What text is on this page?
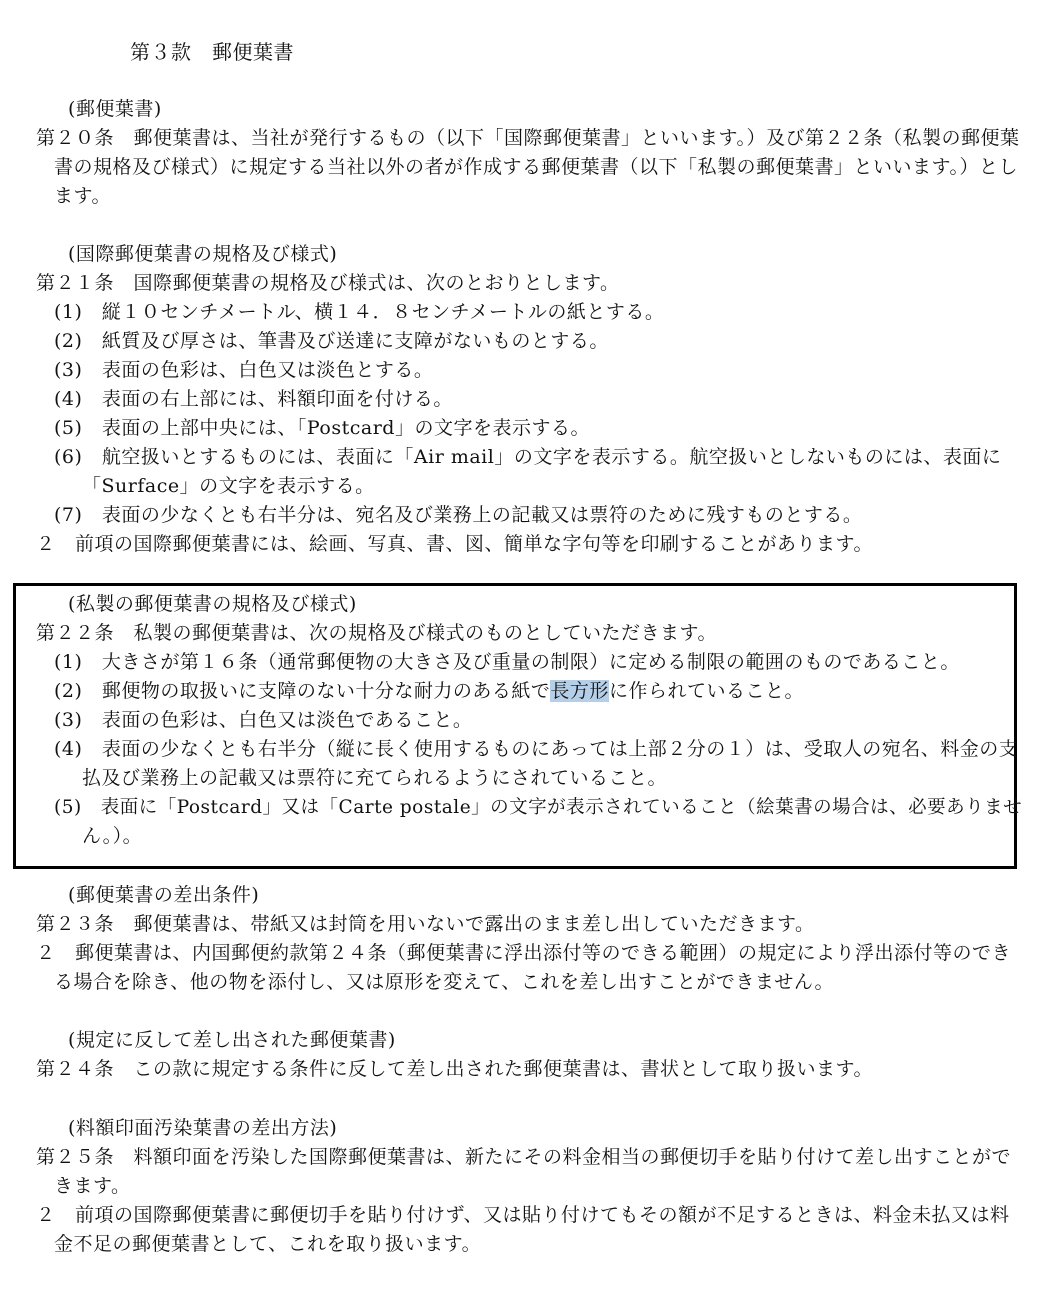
第３款　郵便葉書
(郵便葉書)
第２０条　郵便葉書は、当社が発行するもの（以下「国際郵便葉書」といいます。）及び第２２条（私製の郵便葉
書の規格及び様式）に規定する当社以外の者が作成する郵便葉書（以下「私製の郵便葉書」といいます。）とし
ます。
(国際郵便葉書の規格及び様式)
第２１条　国際郵便葉書の規格及び様式は、次のとおりとします。
(1)　縦１０センチメートル、横１４．８センチメートルの紙とする。
(2)　紙質及び厚さは、筆書及び送達に支障がないものとする。
(3)　表面の色彩は、白色又は淡色とする。
(4)　表面の右上部には、料額印面を付ける。
(5)　表面の上部中央には、「Postcard」の文字を表示する。
(6)　航空扱いとするものには、表面に「Air mail」の文字を表示する。航空扱いとしないものには、表面に
「Surface」の文字を表示する。
(7)　表面の少なくとも右半分は、宛名及び業務上の記載又は票符のために残すものとする。
２　前項の国際郵便葉書には、絵画、写真、書、図、簡単な字句等を印刷することがあります。
(私製の郵便葉書の規格及び様式)
第２２条　私製の郵便葉書は、次の規格及び様式のものとしていただきます。
(1)　大きさが第１６条（通常郵便物の大きさ及び重量の制限）に定める制限の範囲のものであること。
(2)　郵便物の取扱いに支障のない十分な耐力のある紙で長方形に作られていること。
(3)　表面の色彩は、白色又は淡色であること。
(4)　表面の少なくとも右半分（縦に長く使用するものにあっては上部２分の１）は、受取人の宛名、料金の支
払及び業務上の記載又は票符に充てられるようにされていること。
(5)　表面に「Postcard」又は「Carte postale」の文字が表示されていること（絵葉書の場合は、必要ありませ
ん。）。
(郵便葉書の差出条件)
第２３条　郵便葉書は、帯紙又は封筒を用いないで露出のまま差し出していただきます。
２　郵便葉書は、内国郵便約款第２４条（郵便葉書に浮出添付等のできる範囲）の規定により浮出添付等のでき
る場合を除き、他の物を添付し、又は原形を変えて、これを差し出すことができません。
(規定に反して差し出された郵便葉書)
第２４条　この款に規定する条件に反して差し出された郵便葉書は、書状として取り扱います。
(料額印面汚染葉書の差出方法)
第２５条　料額印面を汚染した国際郵便葉書は、新たにその料金相当の郵便切手を貼り付けて差し出すことがで
きます。
２　前項の国際郵便葉書に郵便切手を貼り付けず、又は貼り付けてもその額が不足するときは、料金未払又は料
金不足の郵便葉書として、これを取り扱います。
